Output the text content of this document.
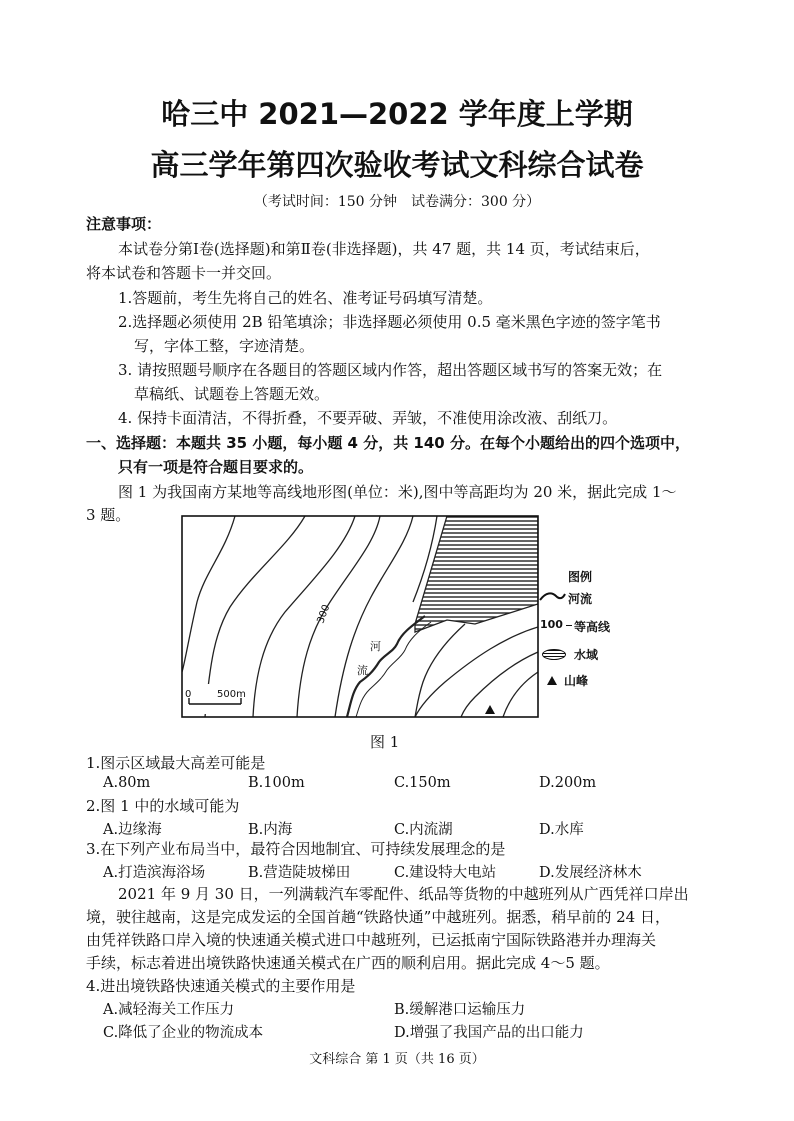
哈三中 2021—2022 学年度上学期
高三学年第四次验收考试文科综合试卷
（考试时间：150 分钟　试卷满分：300 分）
注意事项：
本试卷分第Ⅰ卷(选择题)和第Ⅱ卷(非选择题)，共 47 题，共 14 页，考试结束后，
将本试卷和答题卡一并交回。
1.答题前，考生先将自己的姓名、准考证号码填写清楚。
2.选择题必须使用 2B 铅笔填涂；非选择题必须使用 0.5 毫米黑色字迹的签字笔书
写，字体工整，字迹清楚。
3. 请按照题号顺序在各题目的答题区域内作答，超出答题区域书写的答案无效；在
草稿纸、试题卷上答题无效。
4. 保持卡面清洁，不得折叠，不要弄破、弄皱，不准使用涂改液、刮纸刀。
一、选择题：本题共 35 小题，每小题 4 分，共 140 分。在每个小题给出的四个选项中，
只有一项是符合题目要求的。
图 1 为我国南方某地等高线地形图(单位：米),图中等高距均为 20 米，据此完成 1～
3 题。
300
河
流
0	500m
图例
河流
100 等高线
水域
山峰
图 1
1.图示区域最大高差可能是
A.80m	B.100m	C.150m	D.200m
2.图 1 中的水域可能为
A.边缘海	B.内海	C.内流湖	D.水库
3.在下列产业布局当中，最符合因地制宜、可持续发展理念的是
A.打造滨海浴场	B.营造陡坡梯田	C.建设特大电站	D.发展经济林木
2021 年 9 月 30 日，一列满载汽车零配件、纸品等货物的中越班列从广西凭祥口岸出
境，驶往越南，这是完成发运的全国首趟“铁路快通”中越班列。据悉，稍早前的 24 日，
由凭祥铁路口岸入境的快速通关模式进口中越班列，已运抵南宁国际铁路港并办理海关
手续，标志着进出境铁路快速通关模式在广西的顺利启用。据此完成 4～5 题。
4.进出境铁路快速通关模式的主要作用是
A.减轻海关工作压力	B.缓解港口运输压力
C.降低了企业的物流成本	D.增强了我国产品的出口能力
文科综合 第 1 页（共 16 页）
